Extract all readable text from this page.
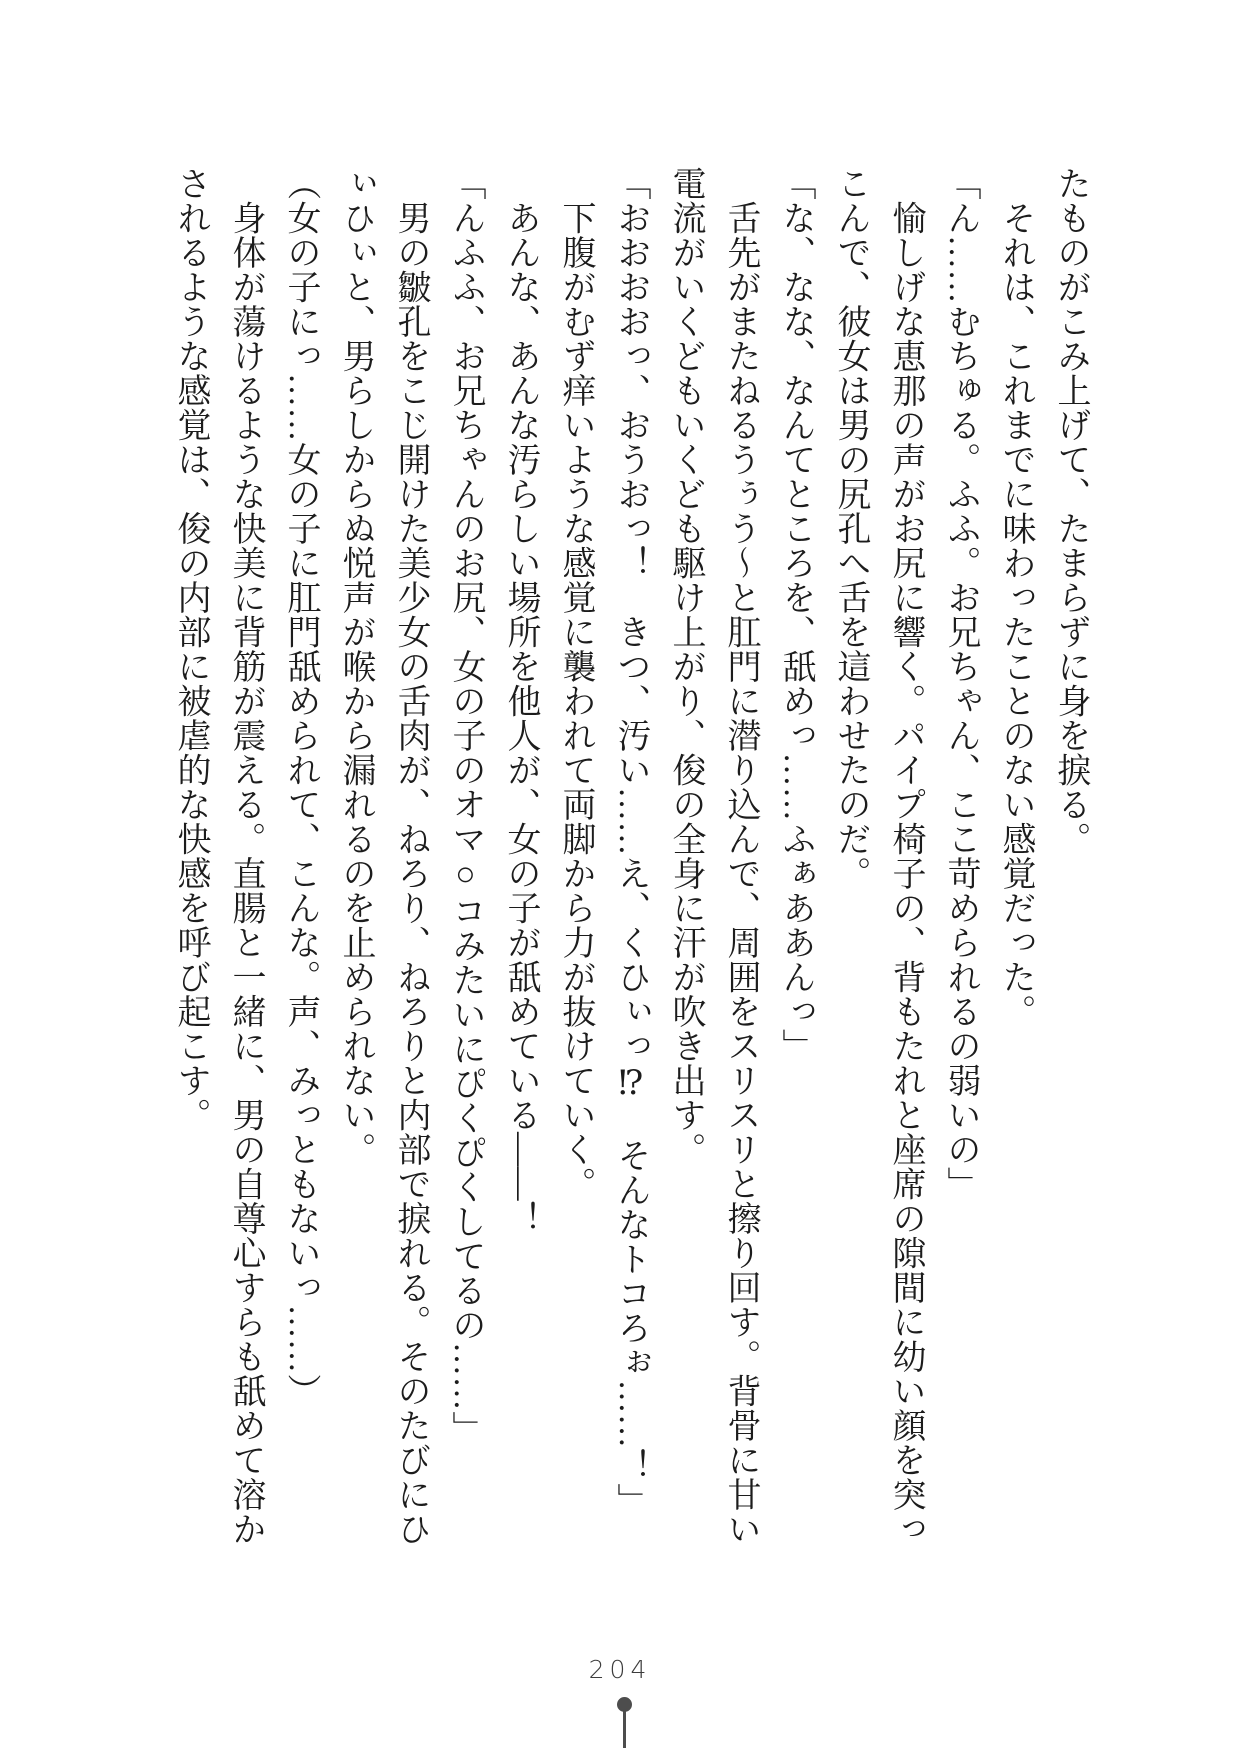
たものがこみ上げて、たまらずに身を捩る。
　それは、これまでに味わったことのない感覚だった。
「ん……むちゅる。ふふ。お兄ちゃん、ここ苛められるの弱いの」
　愉しげな恵那の声がお尻に響く。パイプ椅子の、背もたれと座席の隙間に幼い顔を突っ
こんで、彼女は男の尻孔へ舌を這わせたのだ。
「な、なな、なんてところを、舐めっ……ふぁああんっ」
　舌先がまたねるうぅう～と肛門に潜り込んで、周囲をスリスリと擦り回す。背骨に甘い
電流がいくどもいくども駆け上がり、俊の全身に汗が吹き出す。
「おおおおっ、おうおっ！　きつ、汚い……え、くひぃっ⁉　そんなトコろぉ……！」
　下腹がむず痒いような感覚に襲われて両脚から力が抜けていく。
　あんな、あんな汚らしい場所を他人が、女の子が舐めている――！
「んふふ、お兄ちゃんのお尻、女の子のオマ○コみたいにぴくぴくしてるの……」
　男の皺孔をこじ開けた美少女の舌肉が、ねろり、ねろりと内部で捩れる。そのたびにひ
ぃひぃと、男らしからぬ悦声が喉から漏れるのを止められない。
（女の子にっ……女の子に肛門舐められて、こんな。声、みっともないっ……）
　身体が蕩けるような快美に背筋が震える。直腸と一緒に、男の自尊心すらも舐めて溶か
されるような感覚は、俊の内部に被虐的な快感を呼び起こす。
204
